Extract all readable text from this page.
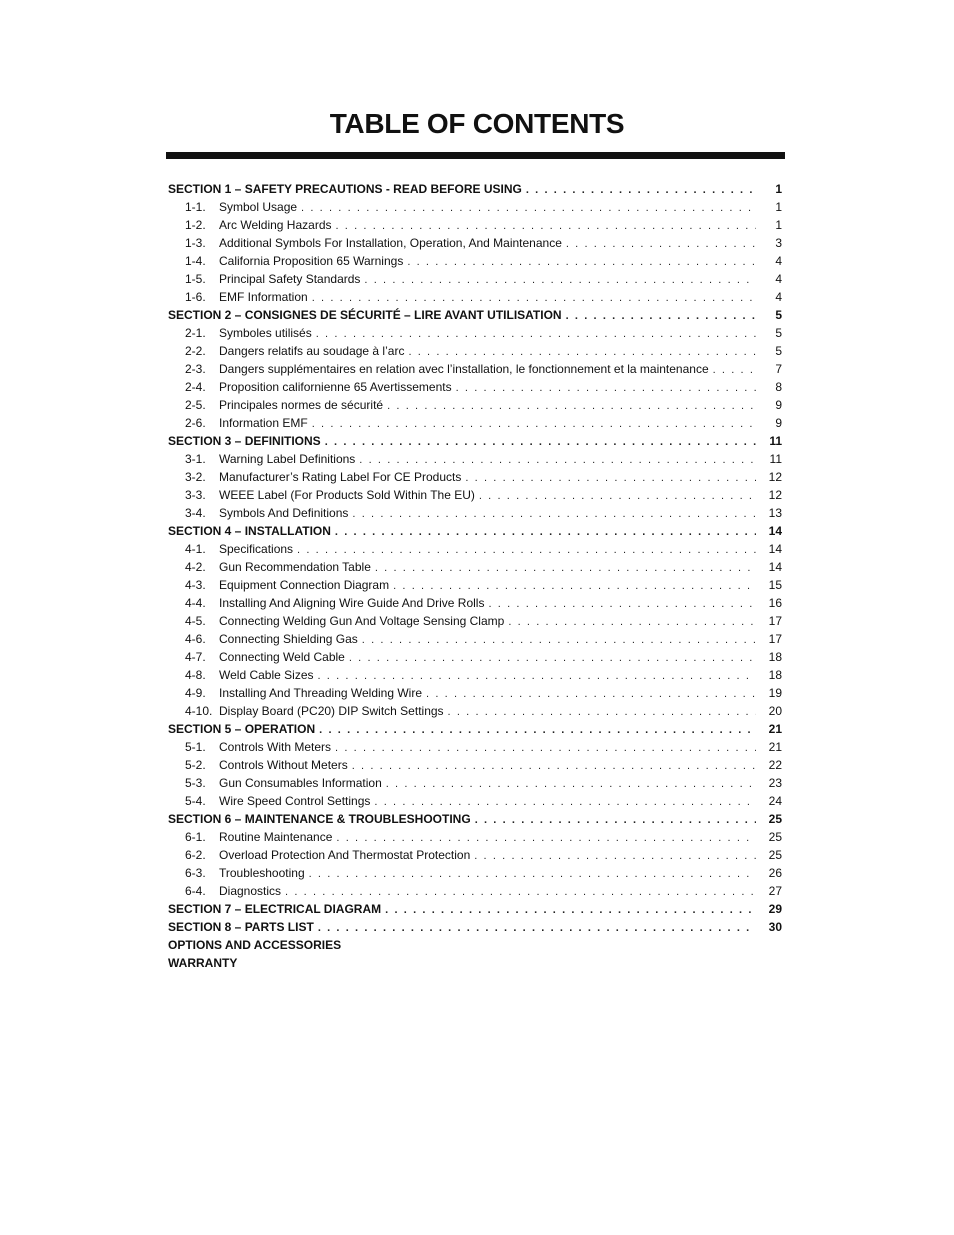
TABLE OF CONTENTS
SECTION 1 – SAFETY PRECAUTIONS - READ BEFORE USING . . .	1
1-1.	Symbol Usage . . .	1
1-2.	Arc Welding Hazards . . .	1
1-3.	Additional Symbols For Installation, Operation, And Maintenance . . .	3
1-4.	California Proposition 65 Warnings . . .	4
1-5.	Principal Safety Standards . . .	4
1-6.	EMF Information . . .	4
SECTION 2 – CONSIGNES DE SÉCURITÉ – LIRE AVANT UTILISATION . . .	5
2-1.	Symboles utilisés . . .	5
2-2.	Dangers relatifs au soudage à l’arc . . .	5
2-3.	Dangers supplémentaires en relation avec l’installation, le fonctionnement et la maintenance . . .	7
2-4.	Proposition californienne 65 Avertissements . . .	8
2-5.	Principales normes de sécurité . . .	9
2-6.	Information EMF . . .	9
SECTION 3 – DEFINITIONS . . .	11
3-1.	Warning Label Definitions . . .	11
3-2.	Manufacturer’s Rating Label For CE Products . . .	12
3-3.	WEEE Label (For Products Sold Within The EU) . . .	12
3-4.	Symbols And Definitions . . .	13
SECTION 4 – INSTALLATION . . .	14
4-1.	Specifications . . .	14
4-2.	Gun Recommendation Table . . .	14
4-3.	Equipment Connection Diagram . . .	15
4-4.	Installing And Aligning Wire Guide And Drive Rolls . . .	16
4-5.	Connecting Welding Gun And Voltage Sensing Clamp . . .	17
4-6.	Connecting Shielding Gas . . .	17
4-7.	Connecting Weld Cable . . .	18
4-8.	Weld Cable Sizes . . .	18
4-9.	Installing And Threading Welding Wire . . .	19
4-10. Display Board (PC20) DIP Switch Settings . . .	20
SECTION 5 – OPERATION . . .	21
5-1.	Controls With Meters . . .	21
5-2.	Controls Without Meters . . .	22
5-3.	Gun Consumables Information . . .	23
5-4.	Wire Speed Control Settings . . .	24
SECTION 6 – MAINTENANCE & TROUBLESHOOTING . . .	25
6-1.	Routine Maintenance . . .	25
6-2.	Overload Protection And Thermostat Protection . . .	25
6-3.	Troubleshooting . . .	26
6-4.	Diagnostics . . .	27
SECTION 7 – ELECTRICAL DIAGRAM . . .	29
SECTION 8 – PARTS LIST . . .	30
OPTIONS AND ACCESSORIES
WARRANTY
